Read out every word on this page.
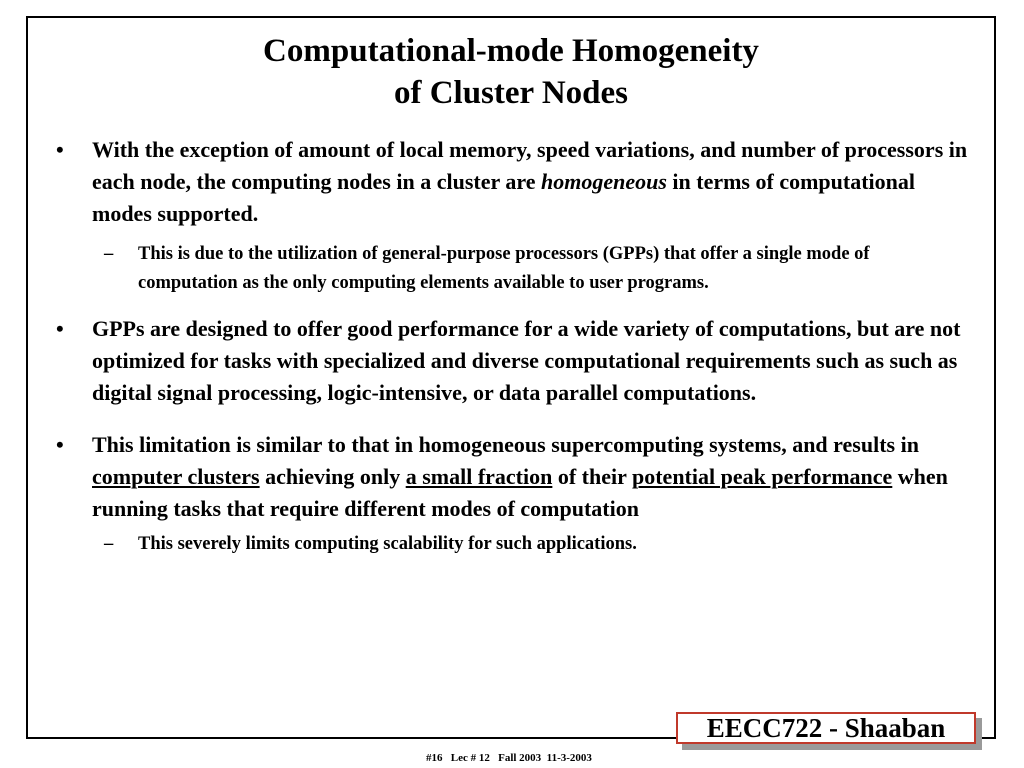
Computational-mode Homogeneity
of Cluster Nodes
• With the exception of amount of local memory, speed variations, and number of processors in each node, the computing nodes in a cluster are homogeneous in terms of computational modes supported.
– This is due to the utilization of general-purpose processors (GPPs) that offer a single mode of computation as the only computing elements available to user programs.
• GPPs are designed to offer good performance for a wide variety of computations, but are not optimized for tasks with specialized and diverse computational requirements such as such as digital signal processing, logic-intensive, or data parallel computations.
• This limitation is similar to that in homogeneous supercomputing systems, and results in computer clusters achieving only a small fraction of their potential peak performance when running tasks that require different modes of computation
– This severely limits computing scalability for such applications.
EECC722 - Shaaban
#16   Lec # 12   Fall 2003  11-3-2003
